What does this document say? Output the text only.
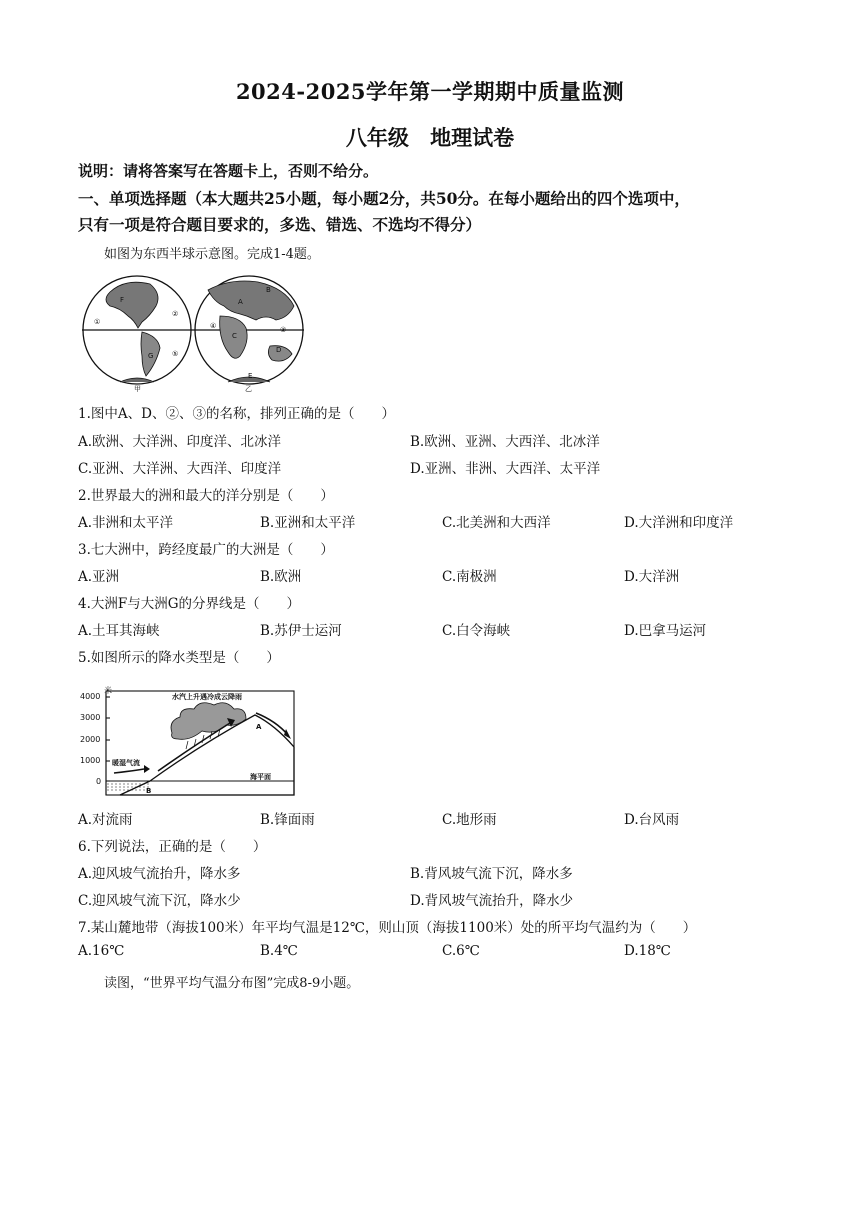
2024-2025学年第一学期期中质量监测
八年级 地理试卷
说明：请将答案写在答题卡上，否则不给分。
一、单项选择题（本大题共25小题，每小题2分，共50分。在每小题给出的四个选项中，
只有一项是符合题目要求的，多选、错选、不选均不得分）
如图为东西半球示意图。完成1-4题。
F
G
A
C
D
B
E
①
②
③
④
⑤
甲	乙
1.图中A、D、②、③的名称，排列正确的是（　　）
A.欧洲、大洋洲、印度洋、北冰洋	B.欧洲、亚洲、大西洋、北冰洋
C.亚洲、大洋洲、大西洋、印度洋	D.亚洲、非洲、大西洋、太平洋
2.世界最大的洲和最大的洋分别是（　　）
A.非洲和太平洋	B.亚洲和太平洋	C.北美洲和大西洋	D.大洋洲和印度洋
3.七大洲中，跨经度最广的大洲是（　　）
A.亚洲	B.欧洲	C.南极洲	D.大洋洲
4.大洲F与大洲G的分界线是（　　）
A.土耳其海峡	B.苏伊士运河	C.白令海峡	D.巴拿马运河
5.如图所示的降水类型是（　　）
米
4000
3000
2000
1000
0
水汽上升遇冷成云降雨
暖湿气流
海平面
A
B
A.对流雨	B.锋面雨	C.地形雨	D.台风雨
6.下列说法，正确的是（　　）
A.迎风坡气流抬升，降水多	B.背风坡气流下沉，降水多
C.迎风坡气流下沉，降水少	D.背风坡气流抬升，降水少
7.某山麓地带（海拔100米）年平均气温是12℃，则山顶（海拔1100米）处的所平均气温约为（　　）
A.16℃	B.4℃	C.6℃	D.18℃
读图，“世界平均气温分布图”完成8-9小题。
